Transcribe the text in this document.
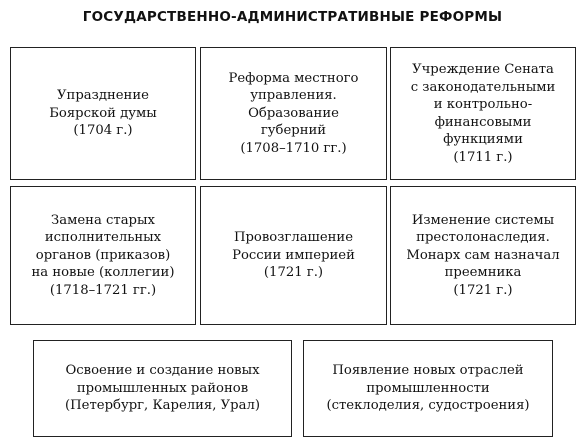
ГОСУДАРСТВЕННО-АДМИНИСТРАТИВНЫЕ РЕФОРМЫ
Упразднение
Боярской думы
(1704 г.)
Реформа местного
управления.
Образование
губерний
(1708–1710 гг.)
Учреждение Сената
с законодательными
и контрольно-
финансовыми
функциями
(1711 г.)
Замена старых
исполнительных
органов (приказов)
на новые (коллегии)
(1718–1721 гг.)
Провозглашение
России империей
(1721 г.)
Изменение системы
престолонаследия.
Монарх сам назначал
преемника
(1721 г.)
Освоение и создание новых
промышленных районов
(Петербург, Карелия, Урал)
Появление новых отраслей
промышленности
(стеклоделия, судостроения)
